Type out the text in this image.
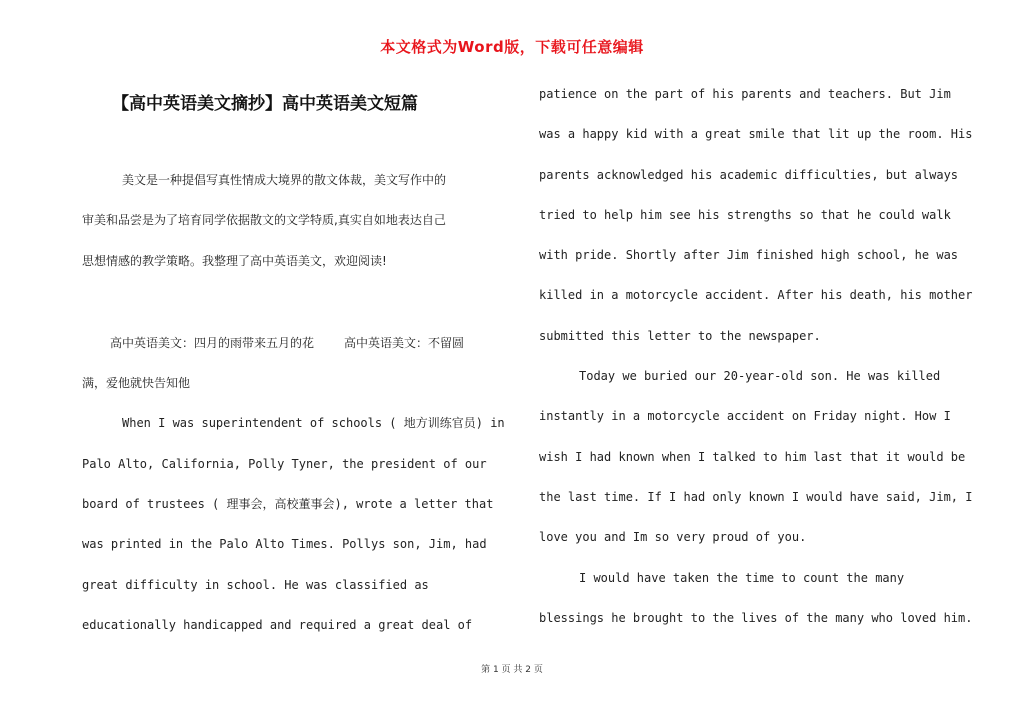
本文格式为Word版，下载可任意编辑
【高中英语美文摘抄】高中英语美文短篇
美文是一种提倡写真性情成大境界的散文体裁，美文写作中的
审美和品尝是为了培育同学依据散文的文学特质,真实自如地表达自己
思想情感的教学策略。我整理了高中英语美文，欢迎阅读!
高中英语美文：四月的雨带来五月的花	高中英语美文：不留圆
满，爱他就快告知他
When I was superintendent of schools ( 地方训练官员) in
Palo Alto, California, Polly Tyner, the president of our
board of trustees ( 理事会，高校董事会), wrote a letter that
was printed in the Palo Alto Times. Pollys son, Jim, had
great difficulty in school. He was classified as
educationally handicapped and required a great deal of
patience on the part of his parents and teachers. But Jim
was a happy kid with a great smile that lit up the room. His
parents acknowledged his academic difficulties, but always
tried to help him see his strengths so that he could walk
with pride. Shortly after Jim finished high school, he was
killed in a motorcycle accident. After his death, his mother
submitted this letter to the newspaper.
Today we buried our 20-year-old son. He was killed
instantly in a motorcycle accident on Friday night. How I
wish I had known when I talked to him last that it would be
the last time. If I had only known I would have said, Jim, I
love you and Im so very proud of you.
I would have taken the time to count the many
blessings he brought to the lives of the many who loved him.
第 1 页 共 2 页
